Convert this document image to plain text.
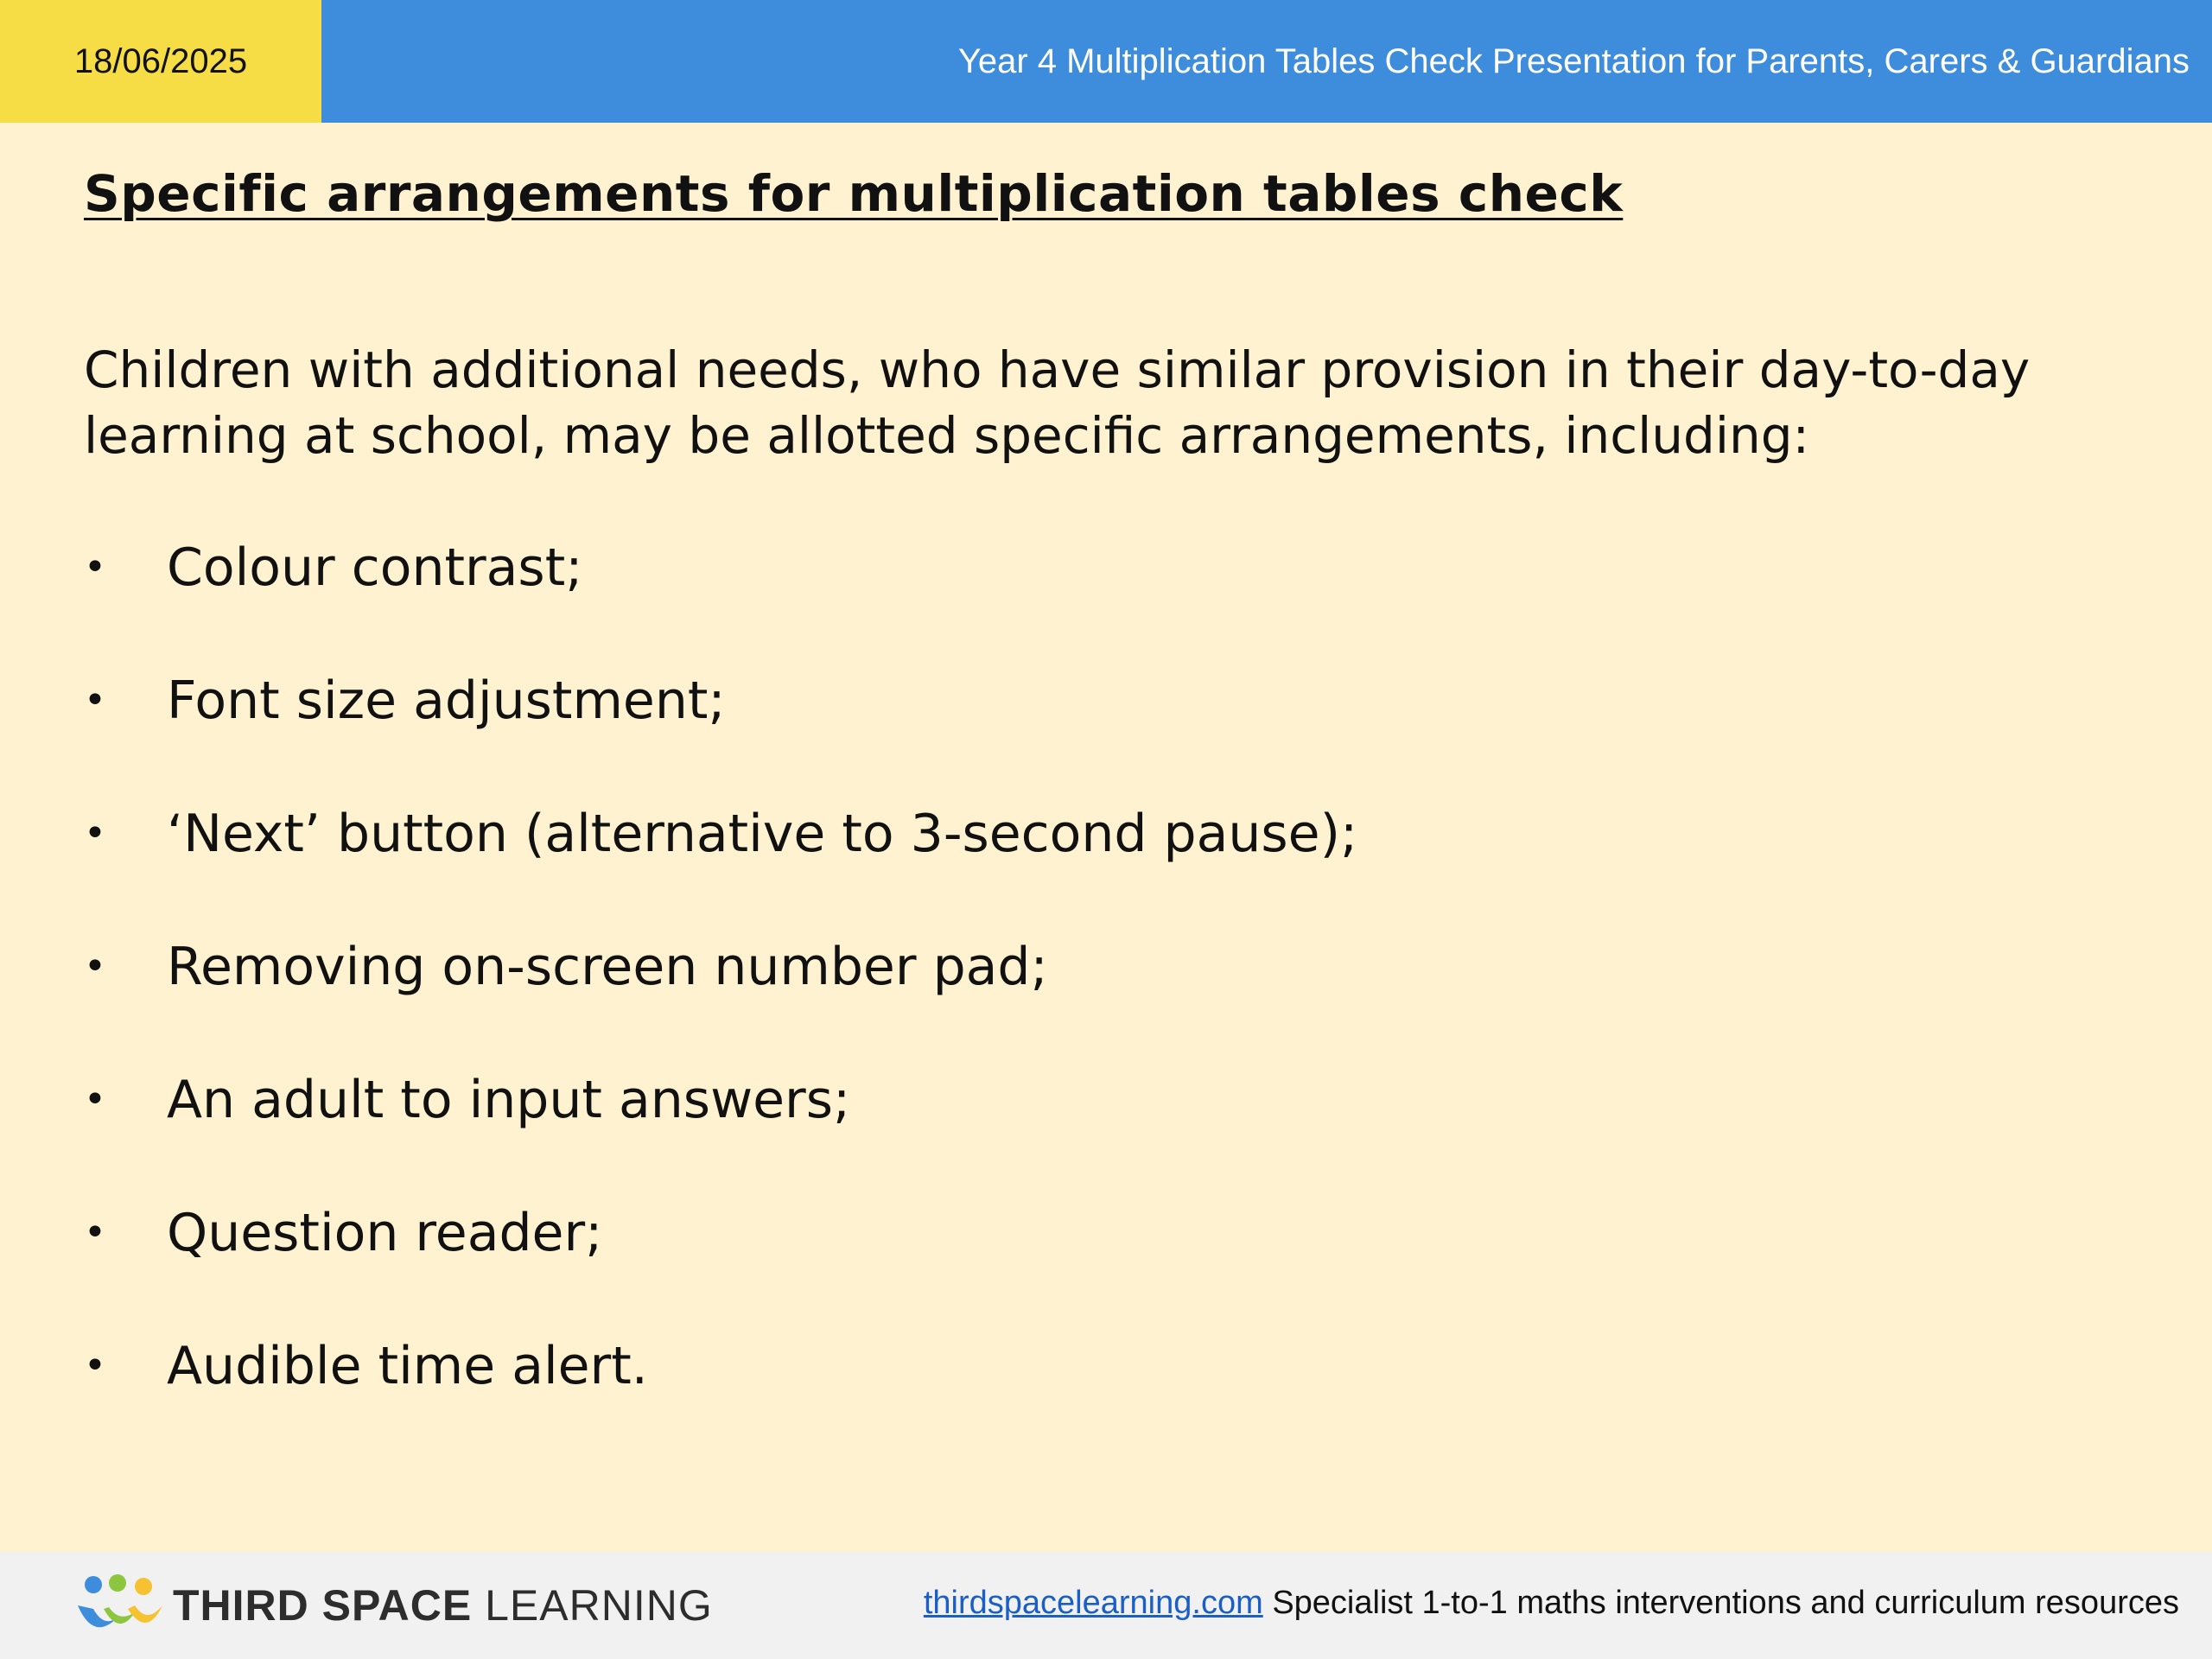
18/06/2025	Year 4 Multiplication Tables Check Presentation for Parents, Carers & Guardians
Specific arrangements for multiplication tables check

Children with additional needs, who have similar provision in their day-to-day
learning at school, may be allotted specific arrangements, including:

•	Colour contrast;
•	Font size adjustment;
•	‘Next’ button (alternative to 3-second pause);
•	Removing on-screen number pad;
•	An adult to input answers;
•	Question reader;
•	Audible time alert.
THIRD SPACE LEARNING	thirdspacelearning.com Specialist 1-to-1 maths interventions and curriculum resources
